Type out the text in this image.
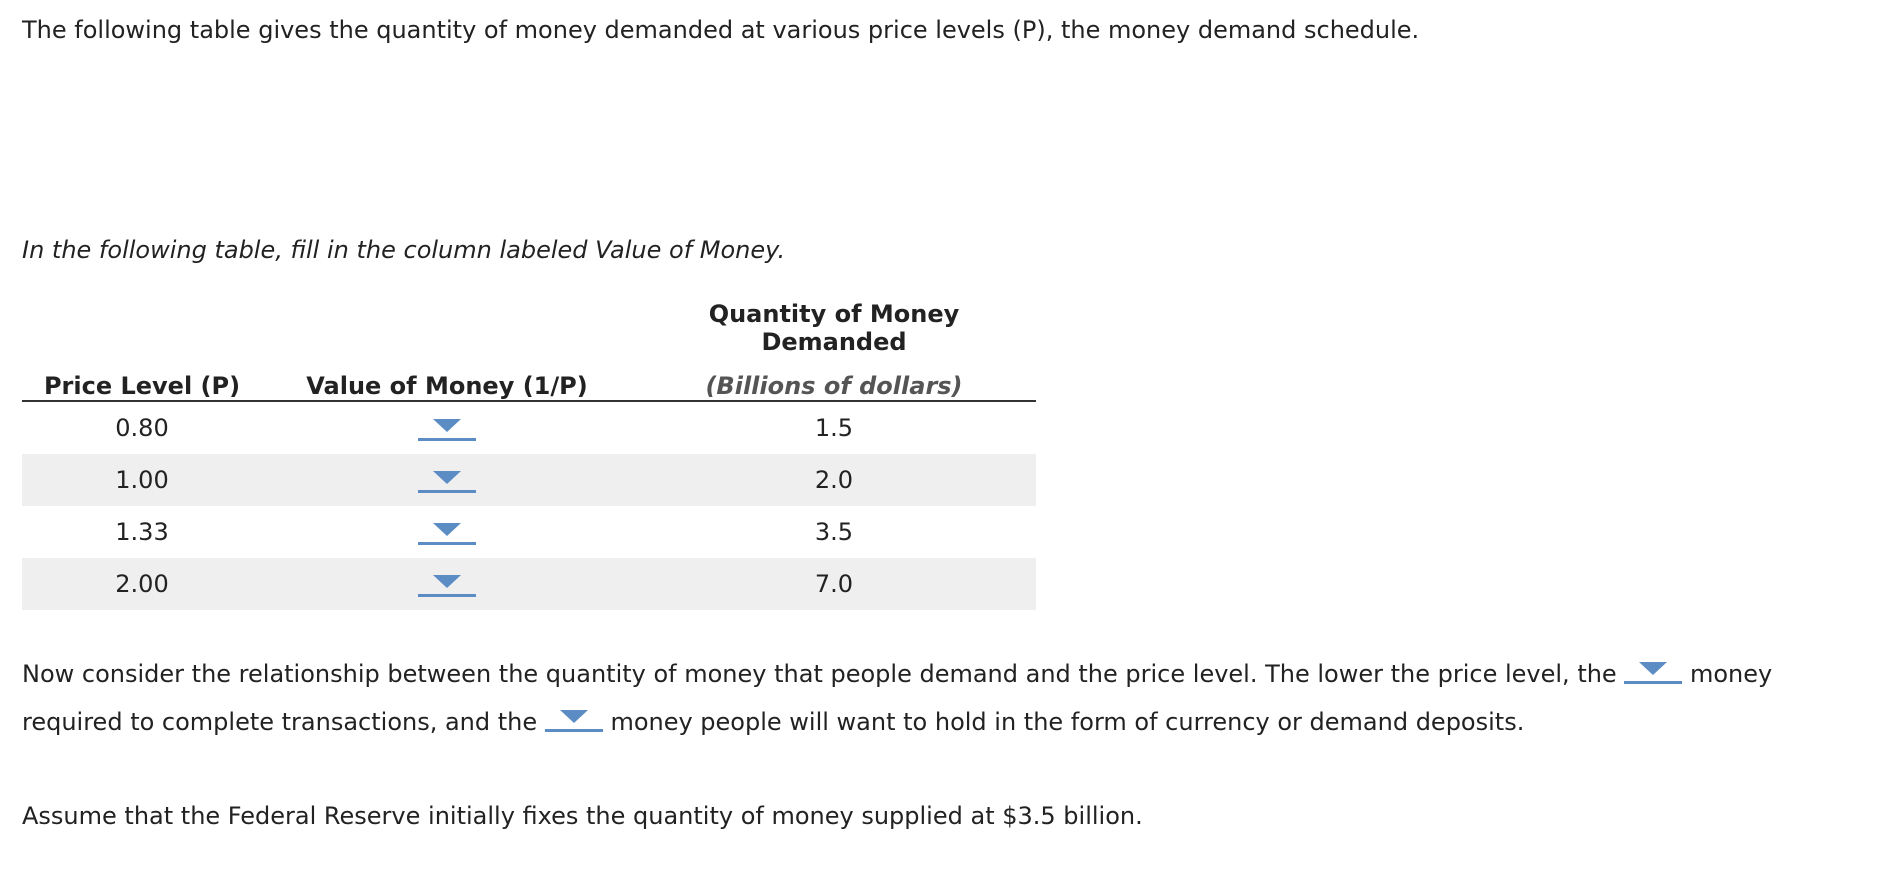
The following table gives the quantity of money demanded at various price levels (P), the money demand schedule.

In the following table, fill in the column labeled Value of Money.

		Quantity of Money Demanded
Price Level (P)	Value of Money (1/P)	(Billions of dollars)
0.80		1.5
1.00		2.0
1.33		3.5
2.00		7.0

Now consider the relationship between the quantity of money that people demand and the price level. The lower the price level, the	money required to complete transactions, and the	money people will want to hold in the form of currency or demand deposits.

Assume that the Federal Reserve initially fixes the quantity of money supplied at $3.5 billion.
